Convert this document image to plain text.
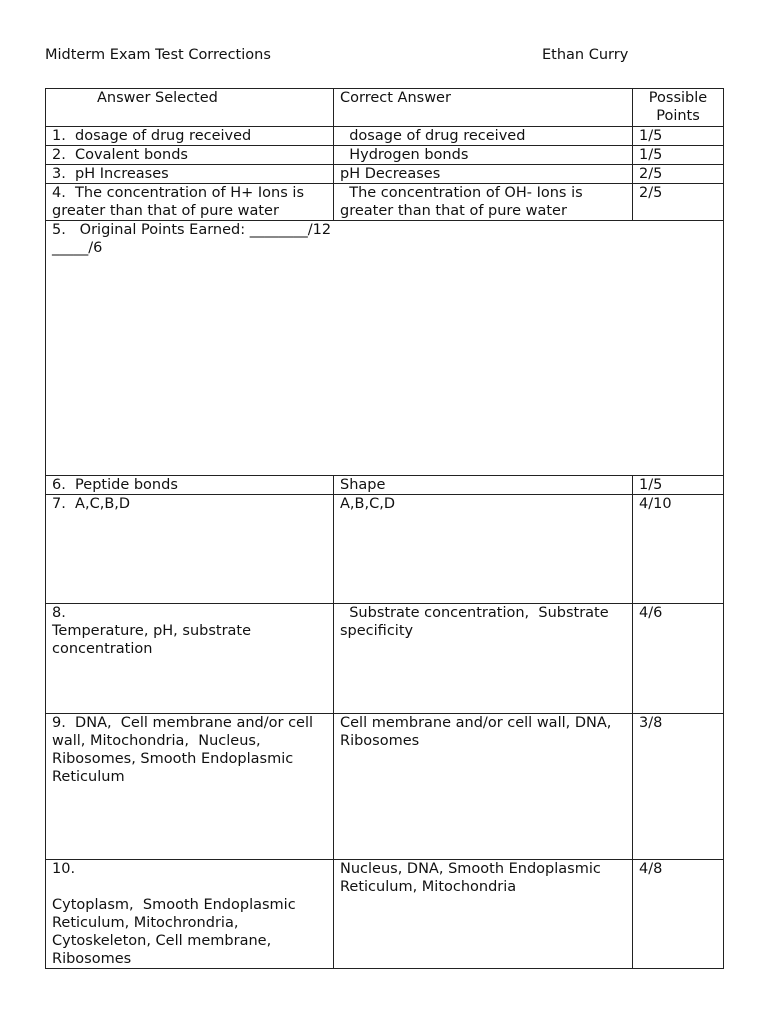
Midterm Exam Test Corrections	Ethan Curry
Answer Selected	Correct Answer	Possible
Points
1.  dosage of drug received	dosage of drug received	1/5
2.  Covalent bonds	Hydrogen bonds	1/5
3.  pH Increases	pH Decreases	2/5
4.  The concentration of H+ Ions is greater than that of pure water	The concentration of OH- Ions is greater than that of pure water	2/5
5.   Original Points Earned: ________/12
_____/6		
6.  Peptide bonds	Shape	1/5
7.  A,C,B,D	A,B,C,D	4/10
8.
Temperature, pH, substrate concentration	Substrate concentration,  Substrate specificity	4/6
9.  DNA,  Cell membrane and/or cell wall, Mitochondria,  Nucleus, Ribosomes, Smooth Endoplasmic Reticulum	Cell membrane and/or cell wall, DNA, Ribosomes	3/8
10.

Cytoplasm,  Smooth Endoplasmic Reticulum, Mitochrondria, Cytoskeleton, Cell membrane, Ribosomes	Nucleus, DNA, Smooth Endoplasmic Reticulum, Mitochondria	4/8
